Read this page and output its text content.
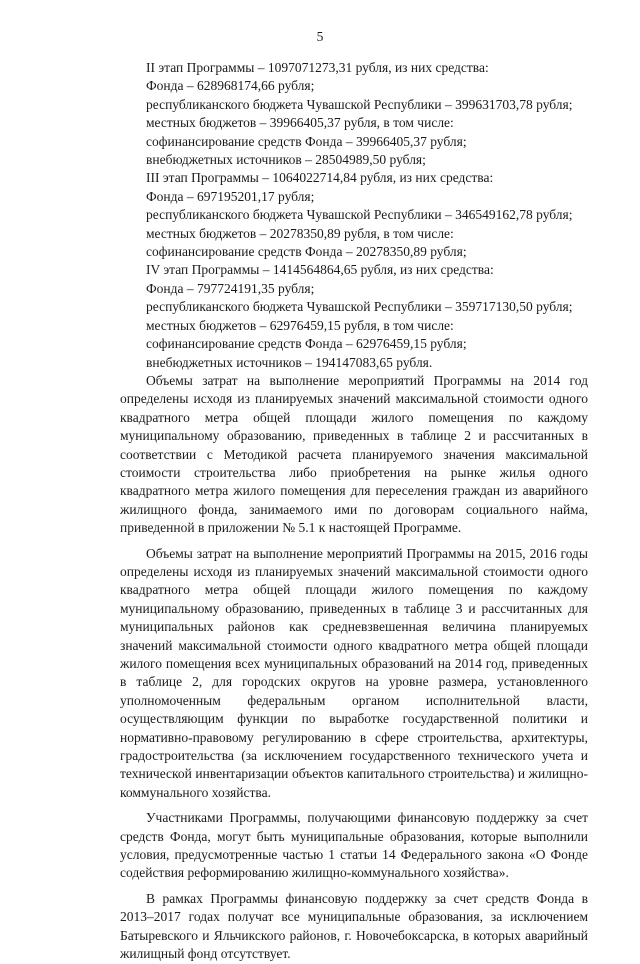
5

II этап Программы – 1097071273,31 рубля, из них средства:

Фонда – 628968174,66 рубля;

республиканского бюджета Чувашской Республики – 399631703,78 рубля;

местных бюджетов – 39966405,37 рубля, в том числе:

софинансирование средств Фонда – 39966405,37 рубля;

внебюджетных источников – 28504989,50 рубля;

III этап Программы – 1064022714,84 рубля, из них средства:

Фонда – 697195201,17 рубля;

республиканского бюджета Чувашской Республики – 346549162,78 рубля;

местных бюджетов – 20278350,89 рубля, в том числе:

софинансирование средств Фонда – 20278350,89 рубля;

IV этап Программы – 1414564864,65 рубля, из них средства:

Фонда – 797724191,35 рубля;

республиканского бюджета Чувашской Республики – 359717130,50 рубля;

местных бюджетов – 62976459,15 рубля, в том числе:

софинансирование средств Фонда – 62976459,15 рубля;

внебюджетных источников – 194147083,65 рубля.

Объемы затрат на выполнение мероприятий Программы на 2014 год определены исходя из планируемых значений максимальной стоимости одного квадратного метра общей площади жилого помещения по каждому муниципальному образованию, приведенных в таблице 2 и рассчитанных в соответствии с Методикой расчета планируемого значения максимальной стоимости строительства либо приобретения на рынке жилья одного квадратного метра жилого помещения для переселения граждан из аварийного жилищного фонда, занимаемого ими по договорам социального найма, приведенной в приложении № 5.1 к настоящей Программе.

Объемы затрат на выполнение мероприятий Программы на 2015, 2016 годы определены исходя из планируемых значений максимальной стоимости одного квадратного метра общей площади жилого помещения по каждому муниципальному образованию, приведенных в таблице 3 и рассчитанных для муниципальных районов как средневзвешенная величина планируемых значений максимальной стоимости одного квадратного метра общей площади жилого помещения всех муниципальных образований на 2014 год, приведенных в таблице 2, для городских округов на уровне размера, установленного уполномоченным федеральным органом исполнительной власти, осуществляющим функции по выработке государственной политики и нормативно-правовому регулированию в сфере строительства, архитектуры, градостроительства (за исключением государственного технического учета и технической инвентаризации объектов капитального строительства) и жилищно-коммунального хозяйства.

Участниками Программы, получающими финансовую поддержку за счет средств Фонда, могут быть муниципальные образования, которые выполнили условия, предусмотренные частью 1 статьи 14 Федерального закона «О Фонде содействия реформированию жилищно-коммунального хозяйства».

В рамках Программы финансовую поддержку за счет средств Фонда в 2013–2017 годах получат все муниципальные образования, за исключением Батыревского и Яльчикского районов, г. Новочебоксарска, в которых аварийный жилищный фонд отсутствует.
